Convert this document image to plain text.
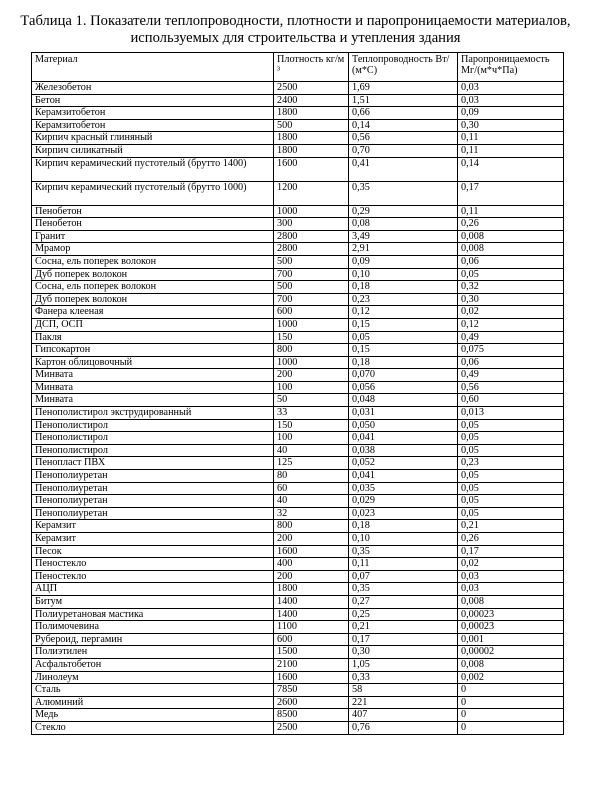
Таблица 1. Показатели теплопроводности, плотности и паропроницаемости материалов,
используемых для строительства и утепления здания
Материал	Плотность кг/м³	Теплопроводность Вт/(м*С)	Паропроницаемость Мг/(м*ч*Па)
Железобетон	2500	1,69	0,03
Бетон	2400	1,51	0,03
Керамзитобетон	1800	0,66	0,09
Керамзитобетон	500	0,14	0,30
Кирпич красный глиняный	1800	0,56	0,11
Кирпич силикатный	1800	0,70	0,11
Кирпич керамический пустотелый (брутто 1400)	1600	0,41	0,14
Кирпич керамический пустотелый (брутто 1000)	1200	0,35	0,17
Пенобетон	1000	0,29	0,11
Пенобетон	300	0,08	0,26
Гранит	2800	3,49	0,008
Мрамор	2800	2,91	0,008
Сосна, ель поперек волокон	500	0,09	0,06
Дуб поперек волокон	700	0,10	0,05
Сосна, ель поперек волокон	500	0,18	0,32
Дуб поперек волокон	700	0,23	0,30
Фанера клееная	600	0,12	0,02
ДСП, ОСП	1000	0,15	0,12
Пакля	150	0,05	0,49
Гипсокартон	800	0,15	0,075
Картон облицовочный	1000	0,18	0,06
Минвата	200	0,070	0,49
Минвата	100	0,056	0,56
Минвата	50	0,048	0,60
Пенополистирол экструдированный	33	0,031	0,013
Пенополистирол	150	0,050	0,05
Пенополистирол	100	0,041	0,05
Пенополистирол	40	0,038	0,05
Пенопласт ПВХ	125	0,052	0,23
Пенополиуретан	80	0,041	0,05
Пенополиуретан	60	0,035	0,05
Пенополиуретан	40	0,029	0,05
Пенополиуретан	32	0,023	0,05
Керамзит	800	0,18	0,21
Керамзит	200	0,10	0,26
Песок	1600	0,35	0,17
Пеностекло	400	0,11	0,02
Пеностекло	200	0,07	0,03
АЦП	1800	0,35	0,03
Битум	1400	0,27	0,008
Полиуретановая мастика	1400	0,25	0,00023
Полимочевина	1100	0,21	0,00023
Рубероид, пергамин	600	0,17	0,001
Полиэтилен	1500	0,30	0,00002
Асфальтобетон	2100	1,05	0,008
Линолеум	1600	0,33	0,002
Сталь	7850	58	0
Алюминий	2600	221	0
Медь	8500	407	0
Стекло	2500	0,76	0
